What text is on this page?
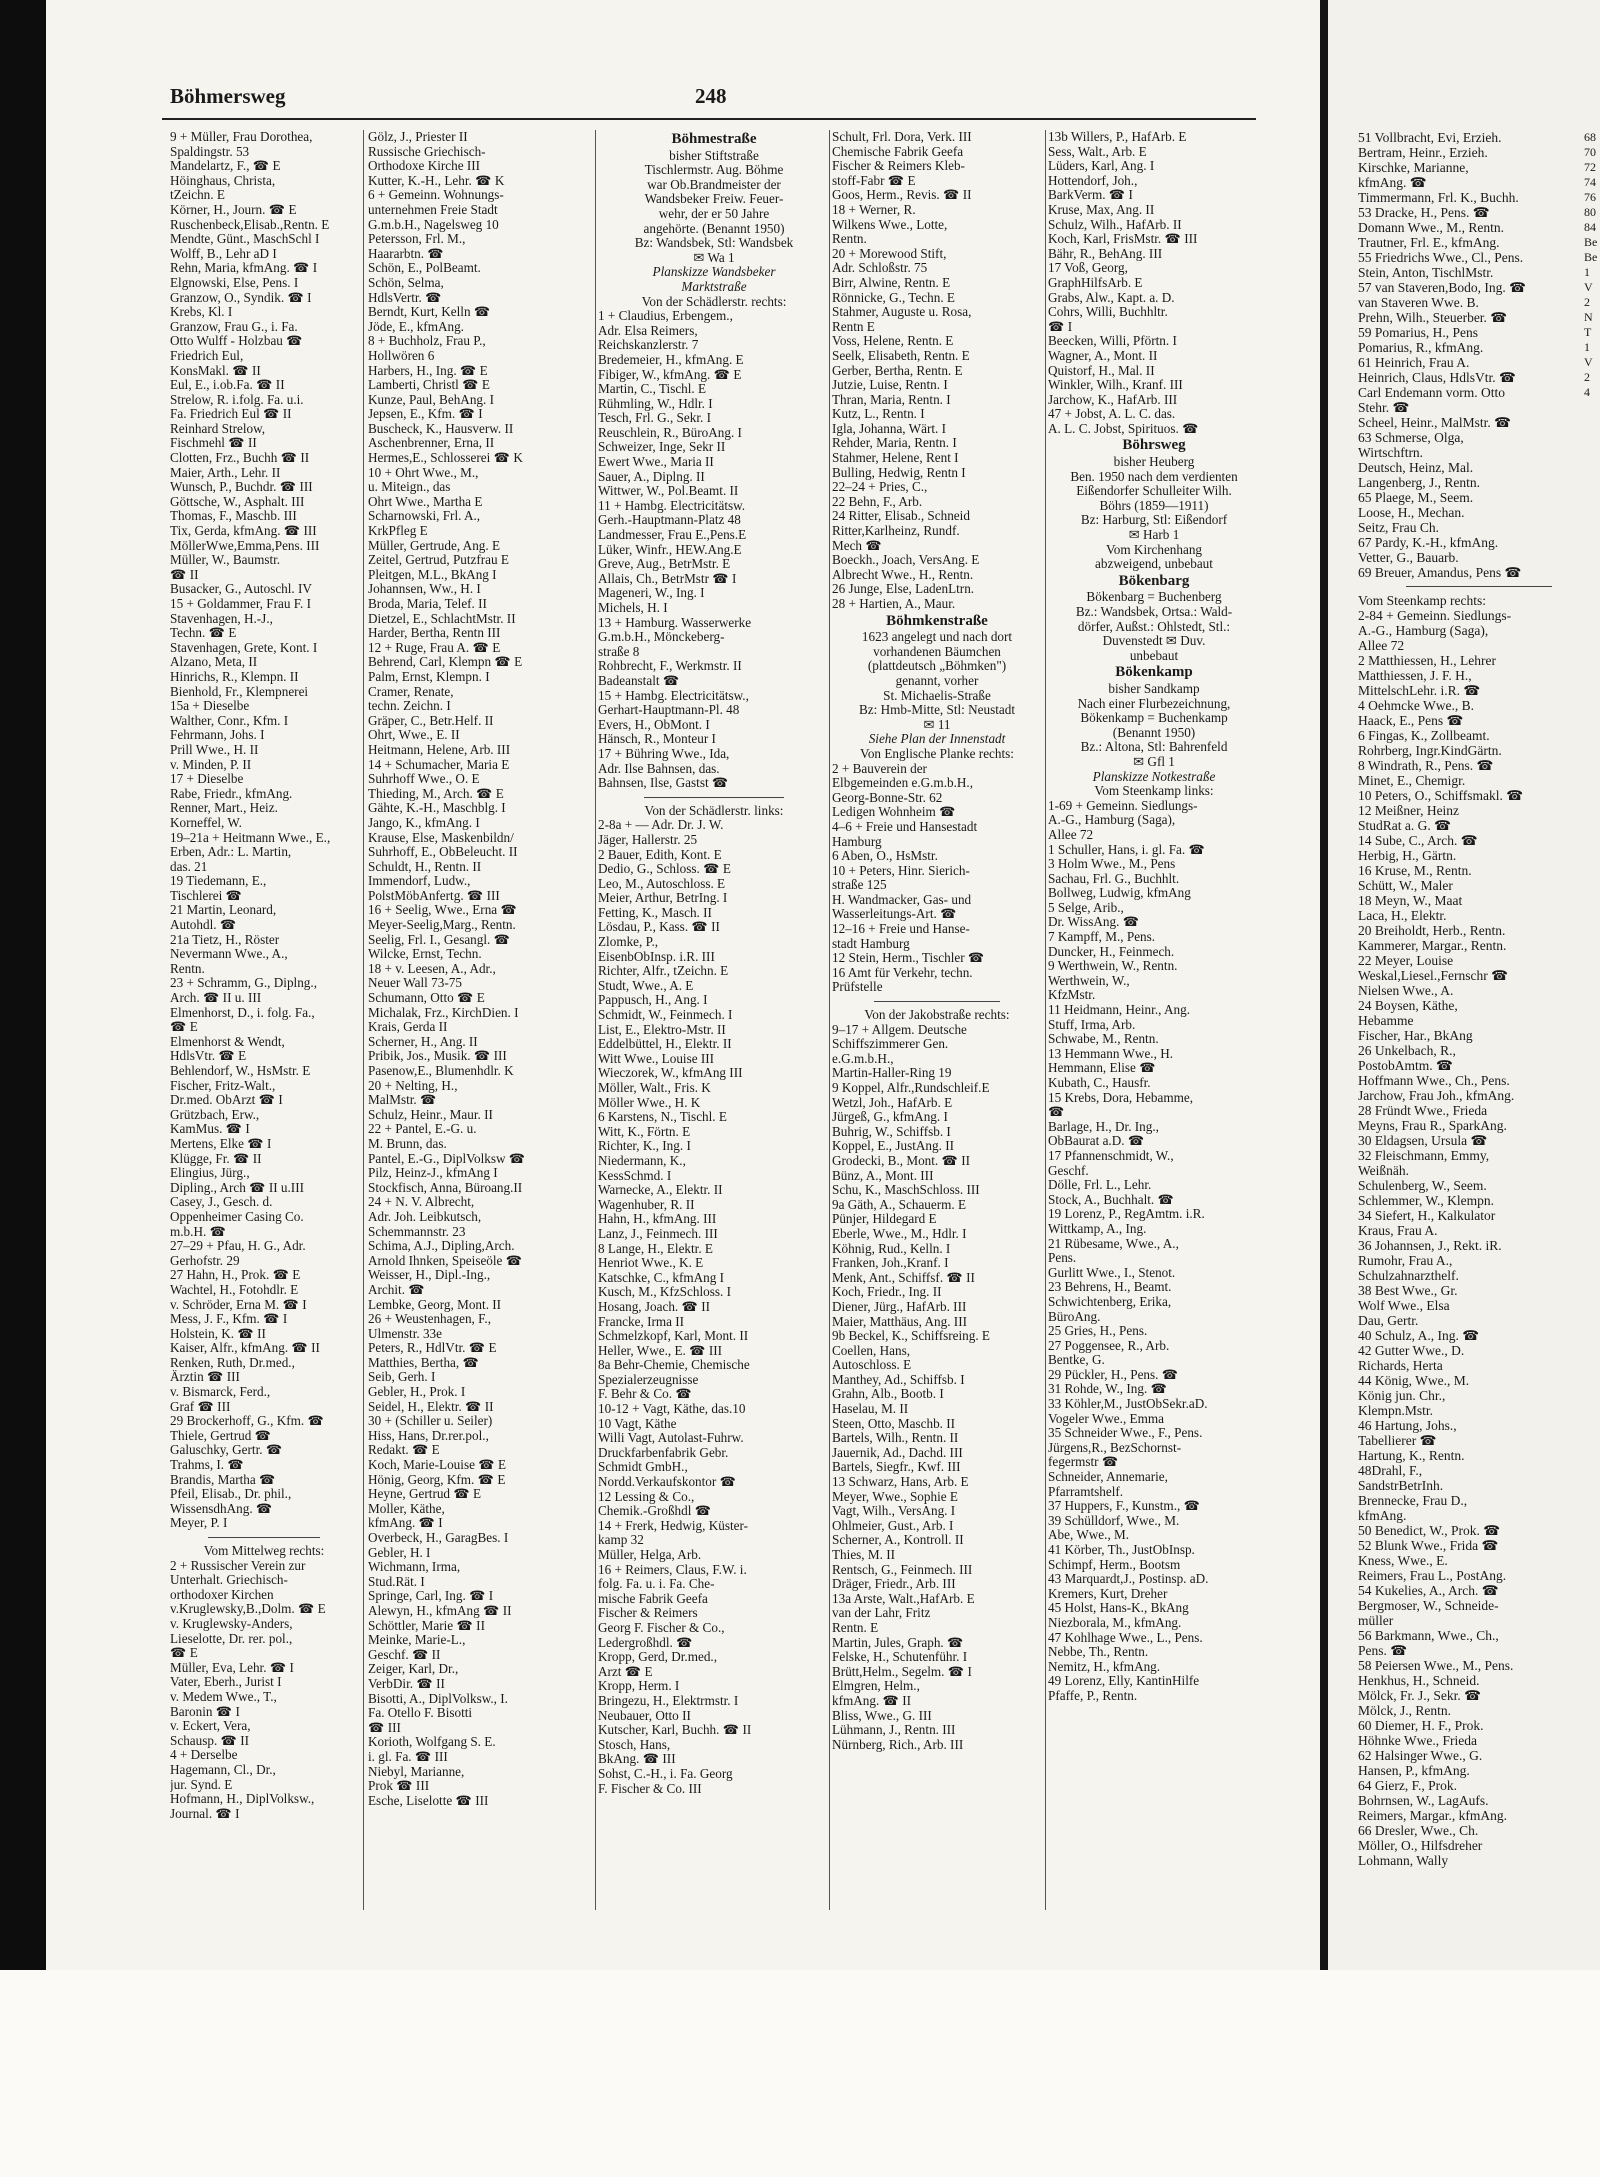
Böhmersweg	248
9 + Müller, Frau Dorothea,
Spaldingstr. 53
Mandelartz, F., ☎ E
Höinghaus, Christa,
tZeichn. E
Körner, H., Journ. ☎ E
Ruschenbeck,Elisab.,Rentn. E
Mendte, Günt., MaschSchl I
Wolff, B., Lehr aD I
Rehn, Maria, kfmAng. ☎ I
Elgnowski, Else, Pens. I
Granzow, O., Syndik. ☎ I
Krebs, Kl. I
Granzow, Frau G., i. Fa.
Otto Wulff - Holzbau ☎
Friedrich Eul,
KonsMakl. ☎ II
Eul, E., i.ob.Fa. ☎ II
Strelow, R. i.folg. Fa. u.i.
Fa. Friedrich Eul ☎ II
Reinhard Strelow,
Fischmehl ☎ II
Clotten, Frz., Buchh ☎ II
Maier, Arth., Lehr. II
Wunsch, P., Buchdr. ☎ III
Göttsche, W., Asphalt. III
Thomas, F., Maschb. III
Tix, Gerda, kfmAng. ☎ III
MöllerWwe,Emma,Pens. III
Müller, W., Baumstr.
☎ II
Busacker, G., Autoschl. IV
15 + Goldammer, Frau F. I
Stavenhagen, H.-J.,
Techn. ☎ E
Stavenhagen, Grete, Kont. I
Alzano, Meta, II
Hinrichs, R., Klempn. II
Bienhold, Fr., Klempnerei
15a + Dieselbe
Walther, Conr., Kfm. I
Fehrmann, Johs. I
Prill Wwe., H. II
v. Minden, P. II
17 + Dieselbe
Rabe, Friedr., kfmAng.
Renner, Mart., Heiz.
Korneffel, W.
19–21a + Heitmann Wwe., E.,
Erben, Adr.: L. Martin,
das. 21
19 Tiedemann, E.,
Tischlerei ☎
21 Martin, Leonard,
Autohdl. ☎
21a Tietz, H., Röster
Nevermann Wwe., A.,
Rentn.
23 + Schramm, G., Diplng.,
Arch. ☎ II u. III
Elmenhorst, D., i. folg. Fa.,
☎ E
Elmenhorst & Wendt,
HdlsVtr. ☎ E
Behlendorf, W., HsMstr. E
Fischer, Fritz-Walt.,
Dr.med. ObArzt ☎ I
Grützbach, Erw.,
KamMus. ☎ I
Mertens, Elke ☎ I
Klügge, Fr. ☎ II
Elingius, Jürg.,
Dipling., Arch ☎ II u.III
Casey, J., Gesch. d.
Oppenheimer Casing Co.
m.b.H. ☎
27–29 + Pfau, H. G., Adr.
Gerhofstr. 29
27 Hahn, H., Prok. ☎ E
Wachtel, H., Fotohdlr. E
v. Schröder, Erna M. ☎ I
Mess, J. F., Kfm. ☎ I
Holstein, K. ☎ II
Kaiser, Alfr., kfmAng. ☎ II
Renken, Ruth, Dr.med.,
Ärztin ☎ III
v. Bismarck, Ferd.,
Graf ☎ III
29 Brockerhoff, G., Kfm. ☎
Thiele, Gertrud ☎
Galuschky, Gertr. ☎
Trahms, I. ☎
Brandis, Martha ☎
Pfeil, Elisab., Dr. phil.,
WissensdhAng. ☎
Meyer, P. I
Vom Mittelweg rechts:
2 + Russischer Verein zur
Unterhalt. Griechisch-
orthodoxer Kirchen
v.Kruglewsky,B.,Dolm. ☎ E
v. Kruglewsky-Anders,
Lieselotte, Dr. rer. pol.,
☎ E
Müller, Eva, Lehr. ☎ I
Vater, Eberh., Jurist I
v. Medem Wwe., T.,
Baronin ☎ I
v. Eckert, Vera,
Schausp. ☎ II
4 + Derselbe
Hagemann, Cl., Dr.,
jur. Synd. E
Hofmann, H., DiplVolksw.,
Journal. ☎ I
Gölz, J., Priester II
Russische Griechisch-
Orthodoxe Kirche III
Kutter, K.-H., Lehr. ☎ K
6 + Gemeinn. Wohnungs-
unternehmen Freie Stadt
G.m.b.H., Nagelsweg 10
Petersson, Frl. M.,
Haararbtn. ☎
Schön, E., PolBeamt.
Schön, Selma,
HdlsVertr. ☎
Berndt, Kurt, Kelln ☎
Jöde, E., kfmAng.
8 + Buchholz, Frau P.,
Hollwören 6
Harbers, H., Ing. ☎ E
Lamberti, Christl ☎ E
Kunze, Paul, BehAng. I
Jepsen, E., Kfm. ☎ I
Buscheck, K., Hausverw. II
Aschenbrenner, Erna, II
Hermes,E., Schlosserei ☎ K
10 + Ohrt Wwe., M.,
u. Miteign., das
Ohrt Wwe., Martha E
Scharnowski, Frl. A.,
KrkPfleg E
Müller, Gertrude, Ang. E
Zeitel, Gertrud, Putzfrau E
Pleitgen, M.L., BkAng I
Johannsen, Ww., H. I
Broda, Maria, Telef. II
Dietzel, E., SchlachtMstr. II
Harder, Bertha, Rentn III
12 + Ruge, Frau A. ☎ E
Behrend, Carl, Klempn ☎ E
Palm, Ernst, Klempn. I
Cramer, Renate,
techn. Zeichn. I
Gräper, C., Betr.Helf. II
Ohrt, Wwe., E. II
Heitmann, Helene, Arb. III
14 + Schumacher, Maria E
Suhrhoff Wwe., O. E
Thieding, M., Arch. ☎ E
Gähte, K.-H., Maschblg. I
Jango, K., kfmAng. I
Krause, Else, Maskenbildn/
Suhrhoff, E., ObBeleucht. II
Schuldt, H., Rentn. II
Immendorf, Ludw.,
PolstMöbAnfertg. ☎ III
16 + Seelig, Wwe., Erna ☎
Meyer-Seelig,Marg., Rentn.
Seelig, Frl. I., Gesangl. ☎
Wilcke, Ernst, Techn.
18 + v. Leesen, A., Adr.,
Neuer Wall 73-75
Schumann, Otto ☎ E
Michalak, Frz., KirchDien. I
Krais, Gerda II
Scherner, H., Ang. II
Pribik, Jos., Musik. ☎ III
Pasenow,E., Blumenhdlr. K
20 + Nelting, H.,
MalMstr. ☎
Schulz, Heinr., Maur. II
22 + Pantel, E.-G. u.
M. Brunn, das.
Pantel, E.-G., DiplVolksw ☎
Pilz, Heinz-J., kfmAng I
Stockfisch, Anna, Büroang.II
24 + N. V. Albrecht,
Adr. Joh. Leibkutsch,
Schemmannstr. 23
Schima, A.J., Dipling,Arch.
Arnold Ihnken, Speiseöle ☎
Weisser, H., Dipl.-Ing.,
Archit. ☎
Lembke, Georg, Mont. II
26 + Weustenhagen, F.,
Ulmenstr. 33e
Peters, R., HdlVtr. ☎ E
Matthies, Bertha, ☎
Seib, Gerh. I
Gebler, H., Prok. I
Seidel, H., Elektr. ☎ II
30 + (Schiller u. Seiler)
Hiss, Hans, Dr.rer.pol.,
Redakt. ☎ E
Koch, Marie-Louise ☎ E
Hönig, Georg, Kfm. ☎ E
Heyne, Gertrud ☎ E
Moller, Käthe,
kfmAng. ☎ I
Overbeck, H., GaragBes. I
Gebler, H. I
Wichmann, Irma,
Stud.Rät. I
Springe, Carl, Ing. ☎ I
Alewyn, H., kfmAng ☎ II
Schöttler, Marie ☎ II
Meinke, Marie-L.,
Geschf. ☎ II
Zeiger, Karl, Dr.,
VerbDir. ☎ II
Bisotti, A., DiplVolksw., I.
Fa. Otello F. Bisotti
☎ III
Korioth, Wolfgang S. E.
i. gl. Fa. ☎ III
Niebyl, Marianne,
Prok ☎ III
Esche, Liselotte ☎ III
Böhmestraße
bisher Stiftstraße
Tischlermstr. Aug. Böhme
war Ob.Brandmeister der
Wandsbeker Freiw. Feuer-
wehr, der er 50 Jahre
angehörte. (Benannt 1950)
Bz: Wandsbek, Stl: Wandsbek
✉ Wa 1
Planskizze Wandsbeker
Marktstraße
Von der Schädlerstr. rechts:
1 + Claudius, Erbengem.,
Adr. Elsa Reimers,
Reichskanzlerstr. 7
Bredemeier, H., kfmAng. E
Fibiger, W., kfmAng. ☎ E
Martin, C., Tischl. E
Rühmling, W., Hdlr. I
Tesch, Frl. G., Sekr. I
Reuschlein, R., BüroAng. I
Schweizer, Inge, Sekr II
Ewert Wwe., Maria II
Sauer, A., Diplng. II
Wittwer, W., Pol.Beamt. II
11 + Hambg. Electricitätsw.
Gerh.-Hauptmann-Platz 48
Landmesser, Frau E.,Pens.E
Lüker, Winfr., HEW.Ang.E
Greve, Aug., BetrMstr. E
Allais, Ch., BetrMstr ☎ I
Mageneri, W., Ing. I
Michels, H. I
13 + Hamburg. Wasserwerke
G.m.b.H., Mönckeberg-
straße 8
Rohbrecht, F., Werkmstr. II
Badeanstalt ☎
15 + Hambg. Electricitätsw.,
Gerhart-Hauptmann-Pl. 48
Evers, H., ObMont. I
Hänsch, R., Monteur I
17 + Bühring Wwe., Ida,
Adr. Ilse Bahnsen, das.
Bahnsen, Ilse, Gastst ☎
Von der Schädlerstr. links:
2-8a + — Adr. Dr. J. W.
Jäger, Hallerstr. 25
2 Bauer, Edith, Kont. E
Dedio, G., Schloss. ☎ E
Leo, M., Autoschloss. E
Meier, Arthur, BetrIng. I
Fetting, K., Masch. II
Lösdau, P., Kass. ☎ II
Zlomke, P.,
EisenbObInsp. i.R. III
Richter, Alfr., tZeichn. E
Studt, Wwe., A. E
Pappusch, H., Ang. I
Schmidt, W., Feinmech. I
List, E., Elektro-Mstr. II
Eddelbüttel, H., Elektr. II
Witt Wwe., Louise III
Wieczorek, W., kfmAng III
Möller, Walt., Fris. K
Möller Wwe., H. K
6 Karstens, N., Tischl. E
Witt, K., Förtn. E
Richter, K., Ing. I
Niedermann, K.,
KessSchmd. I
Warnecke, A., Elektr. II
Wagenhuber, R. II
Hahn, H., kfmAng. III
Lanz, J., Feinmech. III
8 Lange, H., Elektr. E
Henriot Wwe., K. E
Katschke, C., kfmAng I
Kusch, M., KfzSchloss. I
Hosang, Joach. ☎ II
Francke, Irma II
Schmelzkopf, Karl, Mont. II
Heller, Wwe., E. ☎ III
8a Behr-Chemie, Chemische
Spezialerzeugnisse
F. Behr & Co. ☎
10-12 + Vagt, Käthe, das.10
10 Vagt, Käthe
Willi Vagt, Autolast-Fuhrw.
Druckfarbenfabrik Gebr.
Schmidt GmbH.,
Nordd.Verkaufskontor ☎
12 Lessing & Co.,
Chemik.-Großhdl ☎
14 + Frerk, Hedwig, Küster-
kamp 32
Müller, Helga, Arb.
16 + Reimers, Claus, F.W. i.
folg. Fa. u. i. Fa. Che-
mische Fabrik Geefa
Fischer & Reimers
Georg F. Fischer & Co.,
Ledergroßhdl. ☎
Kropp, Gerd, Dr.med.,
Arzt ☎ E
Kropp, Herm. I
Bringezu, H., Elektrmstr. I
Neubauer, Otto II
Kutscher, Karl, Buchh. ☎ II
Stosch, Hans,
BkAng. ☎ III
Sohst, C.-H., i. Fa. Georg
F. Fischer & Co. III
Schult, Frl. Dora, Verk. III
Chemische Fabrik Geefa
Fischer & Reimers Kleb-
stoff-Fabr ☎ E
Goos, Herm., Revis. ☎ II
18 + Werner, R.
Wilkens Wwe., Lotte,
Rentn.
20 + Morewood Stift,
Adr. Schloßstr. 75
Birr, Alwine, Rentn. E
Rönnicke, G., Techn. E
Stahmer, Auguste u. Rosa,
Rentn E
Voss, Helene, Rentn. E
Seelk, Elisabeth, Rentn. E
Gerber, Bertha, Rentn. E
Jutzie, Luise, Rentn. I
Thran, Maria, Rentn. I
Kutz, L., Rentn. I
Igla, Johanna, Wärt. I
Rehder, Maria, Rentn. I
Stahmer, Helene, Rent I
Bulling, Hedwig, Rentn I
22–24 + Pries, C.,
22 Behn, F., Arb.
24 Ritter, Elisab., Schneid
Ritter,Karlheinz, Rundf.
Mech ☎
Boeckh., Joach, VersAng. E
Albrecht Wwe., H., Rentn.
26 Junge, Else, LadenLtrn.
28 + Hartien, A., Maur.
Böhmkenstraße
1623 angelegt und nach dort
vorhandenen Bäumchen
(plattdeutsch „Böhmken")
genannt, vorher
St. Michaelis-Straße
Bz: Hmb-Mitte, Stl: Neustadt
✉ 11
Siehe Plan der Innenstadt
Von Englische Planke rechts:
2 + Bauverein der
Elbgemeinden e.G.m.b.H.,
Georg-Bonne-Str. 62
Ledigen Wohnheim ☎
4–6 + Freie und Hansestadt
Hamburg
6 Aben, O., HsMstr.
10 + Peters, Hinr. Sierich-
straße 125
H. Wandmacker, Gas- und
Wasserleitungs-Art. ☎
12–16 + Freie und Hanse-
stadt Hamburg
12 Stein, Herm., Tischler ☎
16 Amt für Verkehr, techn.
Prüfstelle
Von der Jakobstraße rechts:
9–17 + Allgem. Deutsche
Schiffszimmerer Gen.
e.G.m.b.H.,
Martin-Haller-Ring 19
9 Koppel, Alfr.,Rundschleif.E
Wetzl, Joh., HafArb. E
Jürgeß, G., kfmAng. I
Buhrig, W., Schiffsb. I
Koppel, E., JustAng. II
Grodecki, B., Mont. ☎ II
Bünz, A., Mont. III
Schu, K., MaschSchloss. III
9a Gäth, A., Schauerm. E
Pünjer, Hildegard E
Eberle, Wwe., M., Hdlr. I
Köhnig, Rud., Kelln. I
Franken, Joh.,Kranf. I
Menk, Ant., Schiffsf. ☎ II
Koch, Friedr., Ing. II
Diener, Jürg., HafArb. III
Maier, Matthäus, Ang. III
9b Beckel, K., Schiffsreing. E
Coellen, Hans,
Autoschloss. E
Manthey, Ad., Schiffsb. I
Grahn, Alb., Bootb. I
Haselau, M. II
Steen, Otto, Maschb. II
Bartels, Wilh., Rentn. II
Jauernik, Ad., Dachd. III
Bartels, Siegfr., Kwf. III
13 Schwarz, Hans, Arb. E
Meyer, Wwe., Sophie E
Vagt, Wilh., VersAng. I
Ohlmeier, Gust., Arb. I
Scherner, A., Kontroll. II
Thies, M. II
Rentsch, G., Feinmech. III
Dräger, Friedr., Arb. III
13a Arste, Walt.,HafArb. E
van der Lahr, Fritz
Rentn. E
Martin, Jules, Graph. ☎
Felske, H., Schutenführ. I
Brütt,Helm., Segelm. ☎ I
Elmgren, Helm.,
kfmAng. ☎ II
Bliss, Wwe., G. III
Lühmann, J., Rentn. III
Nürnberg, Rich., Arb. III
13b Willers, P., HafArb. E
Sess, Walt., Arb. E
Lüders, Karl, Ang. I
Hottendorf, Joh.,
BarkVerm. ☎ I
Kruse, Max, Ang. II
Schulz, Wilh., HafArb. II
Koch, Karl, FrisMstr. ☎ III
Bähr, R., BehAng. III
17 Voß, Georg,
GraphHilfsArb. E
Grabs, Alw., Kapt. a. D.
Cohrs, Willi, Buchhltr.
☎ I
Beecken, Willi, Pförtn. I
Wagner, A., Mont. II
Quistorf, H., Mal. II
Winkler, Wilh., Kranf. III
Jarchow, K., HafArb. III
47 + Jobst, A. L. C. das.
A. L. C. Jobst, Spirituos. ☎
Böhrsweg
bisher Heuberg
Ben. 1950 nach dem verdienten
Eißendorfer Schulleiter Wilh.
Böhrs (1859—1911)
Bz: Harburg, Stl: Eißendorf
✉ Harb 1
Vom Kirchenhang
abzweigend, unbebaut
Bökenbarg
Bökenbarg = Buchenberg
Bz.: Wandsbek, Ortsa.: Wald-
dörfer, Außst.: Ohlstedt, Stl.:
Duvenstedt ✉ Duv.
unbebaut
Bökenkamp
bisher Sandkamp
Nach einer Flurbezeichnung,
Bökenkamp = Buchenkamp
(Benannt 1950)
Bz.: Altona, Stl: Bahrenfeld
✉ Gfl 1
Planskizze Notkestraße
Vom Steenkamp links:
1-69 + Gemeinn. Siedlungs-
A.-G., Hamburg (Saga),
Allee 72
1 Schuller, Hans, i. gl. Fa. ☎
3 Holm Wwe., M., Pens
Sachau, Frl. G., Buchhlt.
Bollweg, Ludwig, kfmAng
5 Selge, Arib.,
Dr. WissAng. ☎
7 Kampff, M., Pens.
Duncker, H., Feinmech.
9 Werthwein, W., Rentn.
Werthwein, W.,
KfzMstr.
11 Heidmann, Heinr., Ang.
Stuff, Irma, Arb.
Schwabe, M., Rentn.
13 Hemmann Wwe., H.
Hemmann, Elise ☎
Kubath, C., Hausfr.
15 Krebs, Dora, Hebamme,
☎
Barlage, H., Dr. Ing.,
ObBaurat a.D. ☎
17 Pfannenschmidt, W.,
Geschf.
Dölle, Frl. L., Lehr.
Stock, A., Buchhalt. ☎
19 Lorenz, P., RegAmtm. i.R.
Wittkamp, A., Ing.
21 Rübesame, Wwe., A.,
Pens.
Gurlitt Wwe., I., Stenot.
23 Behrens, H., Beamt.
Schwichtenberg, Erika,
BüroAng.
25 Gries, H., Pens.
27 Poggensee, R., Arb.
Bentke, G.
29 Pückler, H., Pens. ☎
31 Rohde, W., Ing. ☎
33 Köhler,M., JustObSekr.aD.
Vogeler Wwe., Emma
35 Schneider Wwe., F., Pens.
Jürgens,R., BezSchornst-
fegermstr ☎
Schneider, Annemarie,
Pfarramtshelf.
37 Huppers, F., Kunstm., ☎
39 Schülldorf, Wwe., M.
Abe, Wwe., M.
41 Körber, Th., JustObInsp.
Schimpf, Herm., Bootsm
43 Marquardt,J., Postinsp. aD.
Kremers, Kurt, Dreher
45 Holst, Hans-K., BkAng
Niezborala, M., kfmAng.
47 Kohlhage Wwe., L., Pens.
Nebbe, Th., Rentn.
Nemitz, H., kfmAng.
49 Lorenz, Elly, KantinHilfe
Pfaffe, P., Rentn.
51 Vollbracht, Evi, Erzieh.
Bertram, Heinr., Erzieh.
Kirschke, Marianne,
kfmAng. ☎
Timmermann, Frl. K., Buchh.
53 Dracke, H., Pens. ☎
Domann Wwe., M., Rentn.
Trautner, Frl. E., kfmAng.
55 Friedrichs Wwe., Cl., Pens.
Stein, Anton, TischlMstr.
57 van Staveren,Bodo, Ing. ☎
van Staveren Wwe. B.
Prehn, Wilh., Steuerber. ☎
59 Pomarius, H., Pens
Pomarius, R., kfmAng.
61 Heinrich, Frau A.
Heinrich, Claus, HdlsVtr. ☎
Carl Endemann vorm. Otto
Stehr. ☎
Scheel, Heinr., MalMstr. ☎
63 Schmerse, Olga,
Wirtschftrn.
Deutsch, Heinz, Mal.
Langenberg, J., Rentn.
65 Plaege, M., Seem.
Loose, H., Mechan.
Seitz, Frau Ch.
67 Pardy, K.-H., kfmAng.
Vetter, G., Bauarb.
69 Breuer, Amandus, Pens ☎
Vom Steenkamp rechts:
2-84 + Gemeinn. Siedlungs-
A.-G., Hamburg (Saga),
Allee 72
2 Matthiessen, H., Lehrer
Matthiessen, J. F. H.,
MittelschLehr. i.R. ☎
4 Oehmcke Wwe., B.
Haack, E., Pens ☎
6 Fingas, K., Zollbeamt.
Rohrberg, Ingr.KindGärtn.
8 Windrath, R., Pens. ☎
Minet, E., Chemigr.
10 Peters, O., Schiffsmakl. ☎
12 Meißner, Heinz
StudRat a. G. ☎
14 Sube, C., Arch. ☎
Herbig, H., Gärtn.
16 Kruse, M., Rentn.
Schütt, W., Maler
18 Meyn, W., Maat
Laca, H., Elektr.
20 Breiholdt, Herb., Rentn.
Kammerer, Margar., Rentn.
22 Meyer, Louise
Weskal,Liesel.,Fernschr ☎
Nielsen Wwe., A.
24 Boysen, Käthe,
Hebamme
Fischer, Har., BkAng
26 Unkelbach, R.,
PostobAmtm. ☎
Hoffmann Wwe., Ch., Pens.
Jarchow, Frau Joh., kfmAng.
28 Fründt Wwe., Frieda
Meyns, Frau R., SparkAng.
30 Eldagsen, Ursula ☎
32 Fleischmann, Emmy,
Weißnäh.
Schulenberg, W., Seem.
Schlemmer, W., Klempn.
34 Siefert, H., Kalkulator
Kraus, Frau A.
36 Johannsen, J., Rekt. iR.
Rumohr, Frau A.,
Schulzahnarzthelf.
38 Best Wwe., Gr.
Wolf Wwe., Elsa
Dau, Gertr.
40 Schulz, A., Ing. ☎
42 Gutter Wwe., D.
Richards, Herta
44 König, Wwe., M.
König jun. Chr.,
Klempn.Mstr.
46 Hartung, Johs.,
Tabellierer ☎
Hartung, K., Rentn.
48Drahl, F.,
SandstrBetrInh.
Brennecke, Frau D.,
kfmAng.
50 Benedict, W., Prok. ☎
52 Blunk Wwe., Frida ☎
Kness, Wwe., E.
Reimers, Frau L., PostAng.
54 Kukelies, A., Arch. ☎
Bergmoser, W., Schneide-
müller
56 Barkmann, Wwe., Ch.,
Pens. ☎
58 Peiersen Wwe., M., Pens.
Henkhus, H., Schneid.
Mölck, Fr. J., Sekr. ☎
Mölck, J., Rentn.
60 Diemer, H. F., Prok.
Höhnke Wwe., Frieda
62 Halsinger Wwe., G.
Hansen, P., kfmAng.
64 Gierz, F., Prok.
Bohrnsen, W., LagAufs.
Reimers, Margar., kfmAng.
66 Dresler, Wwe., Ch.
Möller, O., Hilfsdreher
Lohmann, Wally
68
70
72
74
76
80
84
Be
Be
1
V
2
N
T
1
V
2
4
